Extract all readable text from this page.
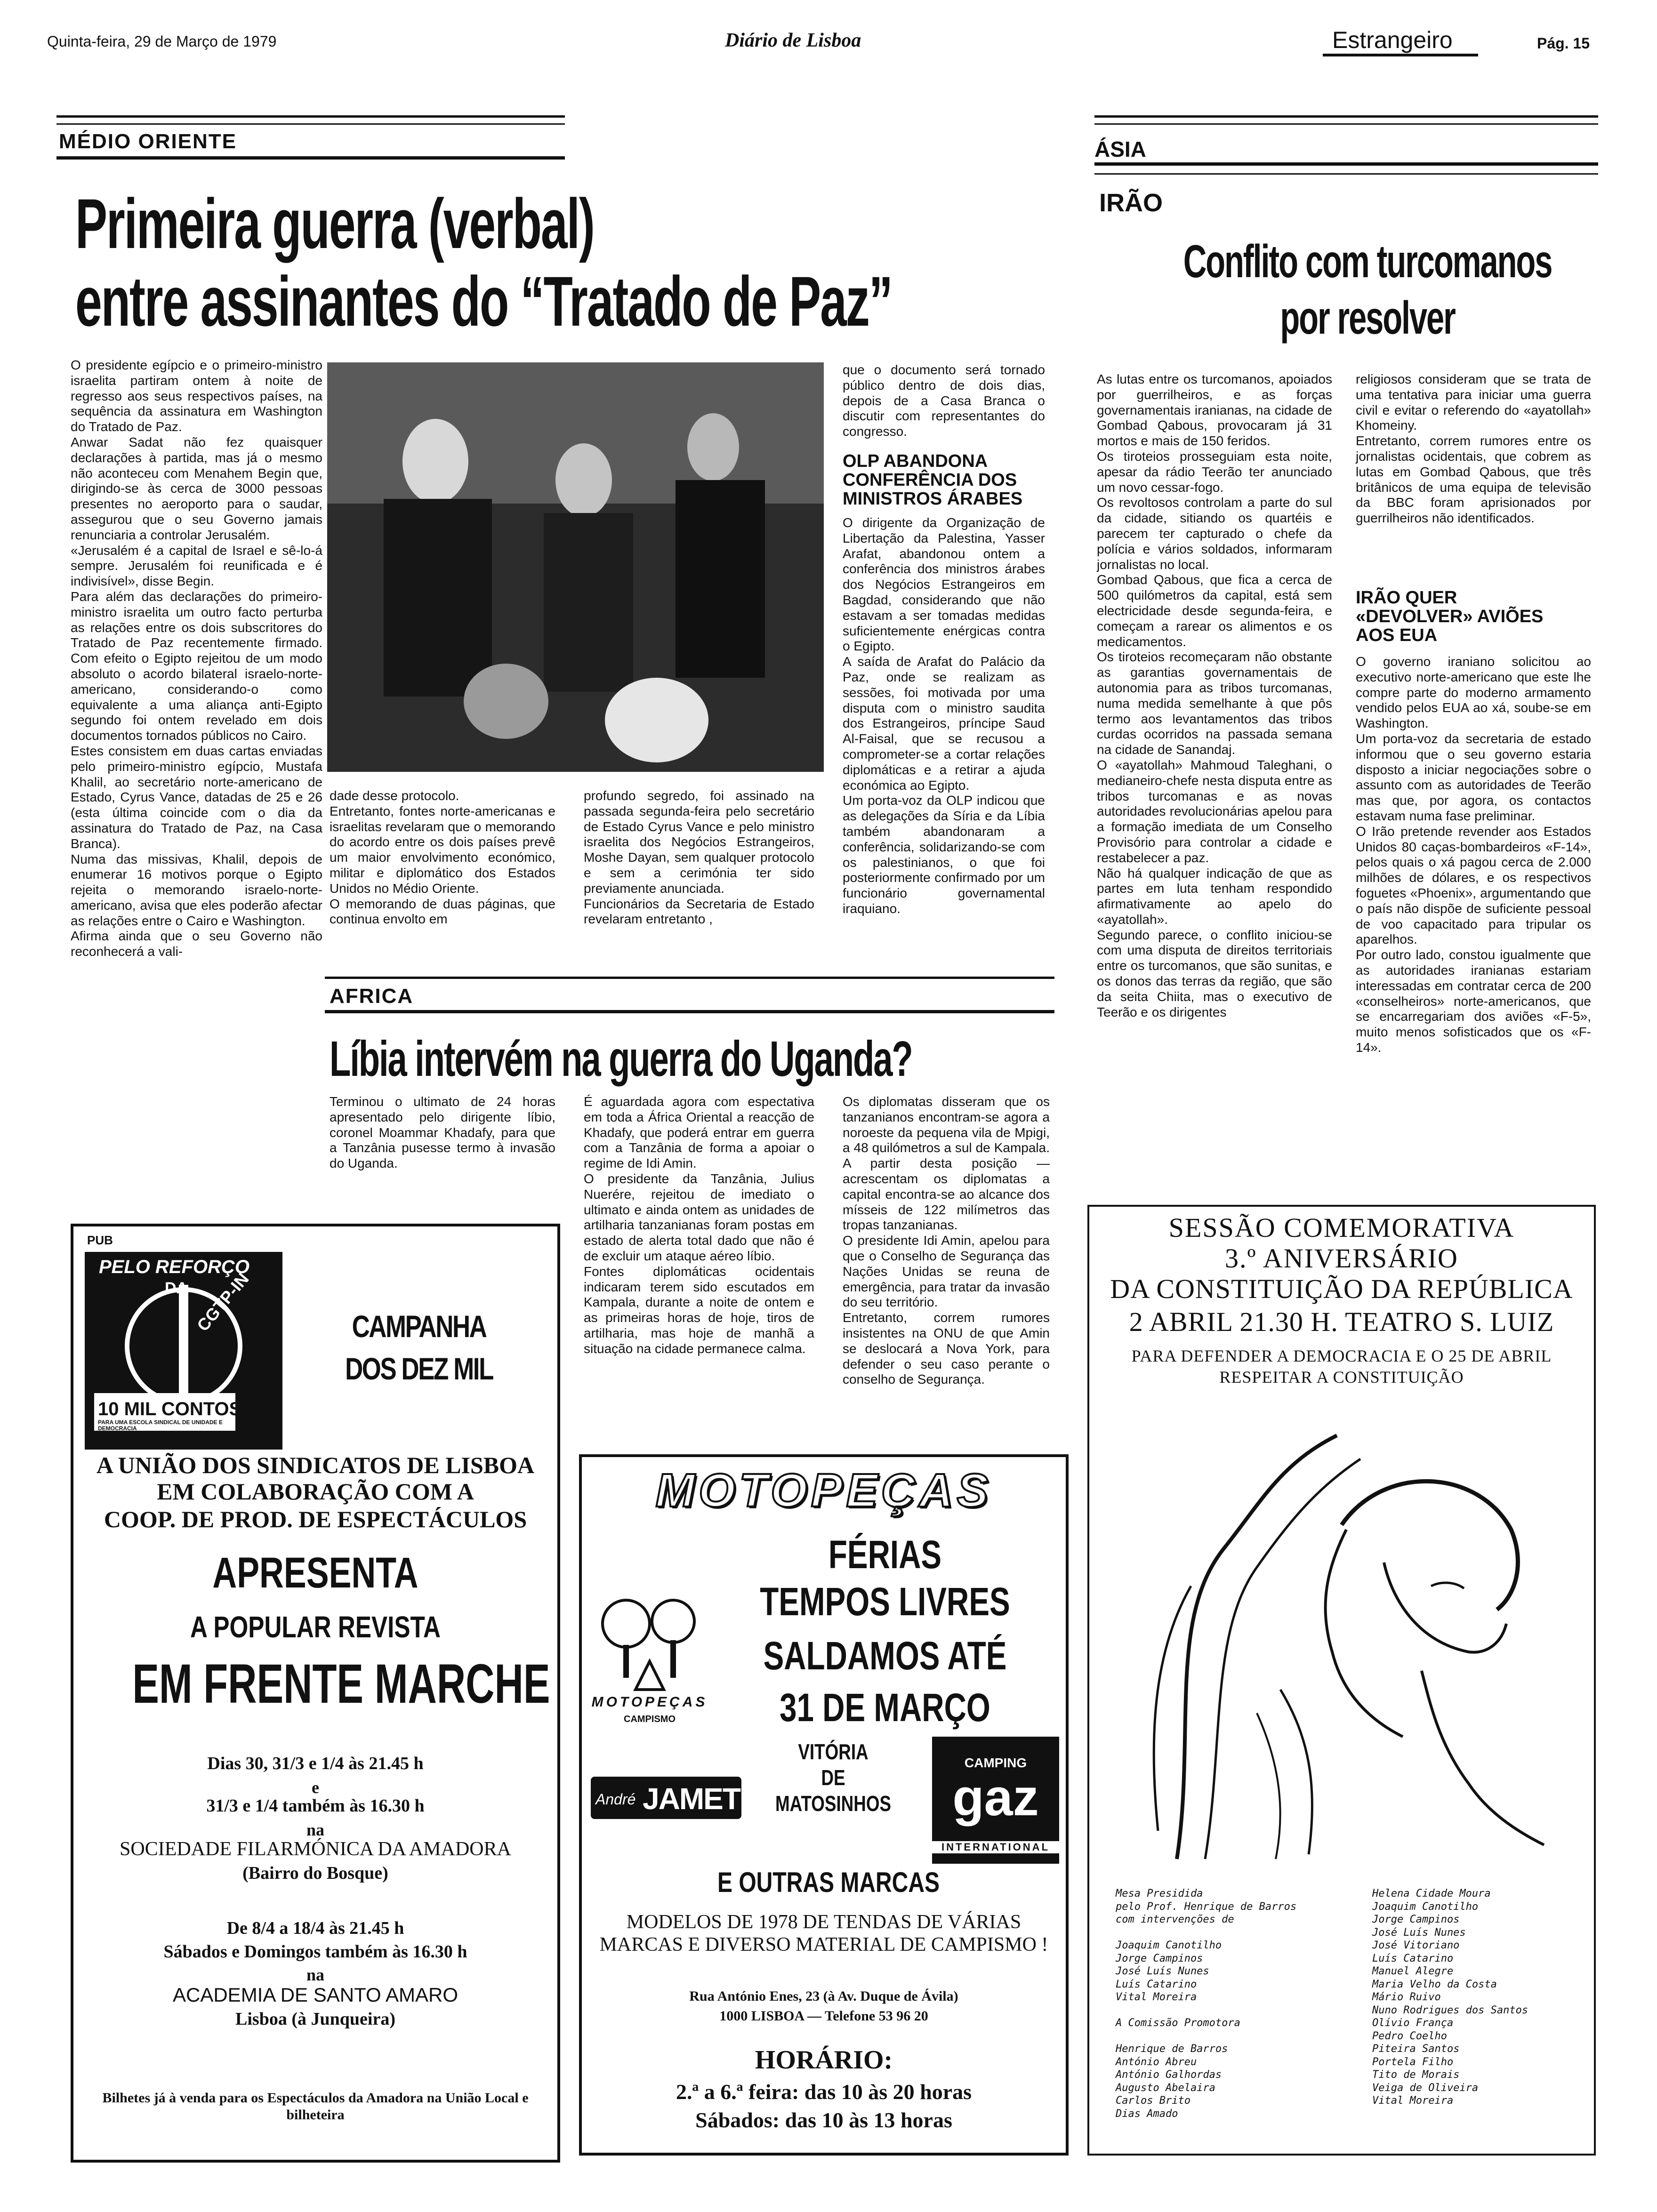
Quinta-feira, 29 de Março de 1979	Diário de Lisboa	Estrangeiro	Pág. 15
MÉDIO ORIENTE
Primeira guerra (verbal)
entre assinantes do “Tratado de Paz”
O presidente egípcio e o primeiro-ministro israelita partiram ontem à noite de regresso aos seus respectivos países, na sequência da assinatura em Washington do Tratado de Paz.
Anwar Sadat não fez quaisquer declarações à partida, mas já o mesmo não aconteceu com Menahem Begin que, dirigindo-se às cerca de 3000 pessoas presentes no aeroporto para o saudar, assegurou que o seu Governo jamais renunciaria a controlar Jerusalém.
«Jerusalém é a capital de Israel e sê-lo-á sempre. Jerusalém foi reunificada e é indivisível», disse Begin.
Para além das declarações do primeiro-ministro israelita um outro facto perturba as relações entre os dois subscritores do Tratado de Paz recentemente firmado. Com efeito o Egipto rejeitou de um modo absoluto o acordo bilateral israelo-norte-americano, considerando-o como equivalente a uma aliança anti-Egipto segundo foi ontem revelado em dois documentos tornados públicos no Cairo.
Estes consistem em duas cartas enviadas pelo primeiro-ministro egípcio, Mustafa Khalil, ao secretário norte-americano de Estado, Cyrus Vance, datadas de 25 e 26 (esta última coincide com o dia da assinatura do Tratado de Paz, na Casa Branca).
Numa das missivas, Khalil, depois de enumerar 16 motivos porque o Egipto rejeita o memorando israelo-norte-americano, avisa que eles poderão afectar as relações entre o Cairo e Washington.
Afirma ainda que o seu Governo não reconhecerá a vali-
dade desse protocolo.
Entretanto, fontes norte-americanas e israelitas revelaram que o memorando do acordo entre os dois países prevê um maior envolvimento económico, militar e diplomático dos Estados Unidos no Médio Oriente.
O memorando de duas páginas, que continua envolto em
profundo segredo, foi assinado na passada segunda-feira pelo secretário de Estado Cyrus Vance e pelo ministro israelita dos Negócios Estrangeiros, Moshe Dayan, sem qualquer protocolo e sem a cerimónia ter sido previamente anunciada.
Funcionários da Secretaria de Estado revelaram entretanto ,
que o documento será tornado público dentro de dois dias, depois de a Casa Branca o discutir com representantes do congresso.
OLP ABANDONA CONFERÊNCIA DOS MINISTROS ÁRABES
O dirigente da Organização de Libertação da Palestina, Yasser Arafat, abandonou ontem a conferência dos ministros árabes dos Negócios Estrangeiros em Bagdad, considerando que não estavam a ser tomadas medidas suficientemente enérgicas contra o Egipto.
A saída de Arafat do Palácio da Paz, onde se realizam as sessões, foi motivada por uma disputa com o ministro saudita dos Estrangeiros, príncipe Saud Al-Faisal, que se recusou a comprometer-se a cortar relações diplomáticas e a retirar a ajuda económica ao Egipto.
Um porta-voz da OLP indicou que as delegações da Síria e da Líbia também abandonaram a conferência, solidarizando-se com os palestinianos, o que foi posteriormente confirmado por um funcionário governamental iraquiano.
ÁSIA
IRÃO
Conflito com turcomanos
por resolver
As lutas entre os turcomanos, apoiados por guerrilheiros, e as forças governamentais iranianas, na cidade de Gombad Qabous, provocaram já 31 mortos e mais de 150 feridos.
Os tiroteios prosseguiam esta noite, apesar da rádio Teerão ter anunciado um novo cessar-fogo.
Os revoltosos controlam a parte do sul da cidade, sitiando os quartéis e parecem ter capturado o chefe da polícia e vários soldados, informaram jornalistas no local.
Gombad Qabous, que fica a cerca de 500 quilómetros da capital, está sem electricidade desde segunda-feira, e começam a rarear os alimentos e os medicamentos.
Os tiroteios recomeçaram não obstante as garantias governamentais de autonomia para as tribos turcomanas, numa medida semelhante à que pôs termo aos levantamentos das tribos curdas ocorridos na passada semana na cidade de Sanandaj.
O «ayatollah» Mahmoud Taleghani, o medianeiro-chefe nesta disputa entre as tribos turcomanas e as novas autoridades revolucionárias apelou para a formação imediata de um Conselho Provisório para controlar a cidade e restabelecer a paz.
Não há qualquer indicação de que as partes em luta tenham respondido afirmativamente ao apelo do «ayatollah».
Segundo parece, o conflito iniciou-se com uma disputa de direitos territoriais entre os turcomanos, que são sunitas, e os donos das terras da região, que são da seita Chiita, mas o executivo de Teerão e os dirigentes
religiosos consideram que se trata de uma tentativa para iniciar uma guerra civil e evitar o referendo do «ayatollah» Khomeiny.
Entretanto, correm rumores entre os jornalistas ocidentais, que cobrem as lutas em Gombad Qabous, que três britânicos de uma equipa de televisão da BBC foram aprisionados por guerrilheiros não identificados.
IRÃO QUER «DEVOLVER» AVIÕES AOS EUA
O governo iraniano solicitou ao executivo norte-americano que este lhe compre parte do moderno armamento vendido pelos EUA ao xá, soube-se em Washington.
Um porta-voz da secretaria de estado informou que o seu governo estaria disposto a iniciar negociações sobre o assunto com as autoridades de Teerão mas que, por agora, os contactos estavam numa fase preliminar.
O Irão pretende revender aos Estados Unidos 80 caças-bombardeiros «F-14», pelos quais o xá pagou cerca de 2.000 milhões de dólares, e os respectivos foguetes «Phoenix», argumentando que o país não dispõe de suficiente pessoal de voo capacitado para tripular os aparelhos.
Por outro lado, constou igualmente que as autoridades iranianas estariam interessadas em contratar cerca de 200 «conselheiros» norte-americanos, que se encarregariam dos aviões «F-5», muito menos sofisticados que os «F-14».
AFRICA
Líbia intervém na guerra do Uganda?
Terminou o ultimato de 24 horas apresentado pelo dirigente líbio, coronel Moammar Khadafy, para que a Tanzânia pusesse termo à invasão do Uganda.
É aguardada agora com espectativa em toda a África Oriental a reacção de Khadafy, que poderá entrar em guerra com a Tanzânia de forma a apoiar o regime de Idi Amin.
O presidente da Tanzânia, Julius Nuerére, rejeitou de imediato o ultimato e ainda ontem as unidades de artilharia tanzanianas foram postas em estado de alerta total dado que não é de excluir um ataque aéreo líbio.
Fontes diplomáticas ocidentais indicaram terem sido escutados em Kampala, durante a noite de ontem e as primeiras horas de hoje, tiros de artilharia, mas hoje de manhã a situação na cidade permanece calma.
Os diplomatas disseram que os tanzanianos encontram-se agora a noroeste da pequena vila de Mpigi, a 48 quilómetros a sul de Kampala. A partir desta posição — acrescentam os diplomatas a capital encontra-se ao alcance dos mísseis de 122 milímetros das tropas tanzanianas.
O presidente Idi Amin, apelou para que o Conselho de Segurança das Nações Unidas se reuna de emergência, para tratar da invasão do seu território.
Entretanto, correm rumores insistentes na ONU de que Amin se deslocará a Nova York, para defender o seu caso perante o conselho de Segurança.
PUB
PELO REFORÇO
DA CGTP-IN
10 MIL CONTOS
PARA UMA ESCOLA SINDICAL DE UNIDADE E DEMOCRACIA
CAMPANHA
DOS DEZ MIL
A UNIÃO DOS SINDICATOS DE LISBOA EM COLABORAÇÃO COM A
COOP. DE PROD. DE ESPECTÁCULOS
APRESENTA
A POPULAR REVISTA
EM FRENTE MARCHE
Dias 30, 31/3 e 1/4 às 21.45 h
e
31/3 e 1/4 também às 16.30 h
na
SOCIEDADE FILARMÓNICA DA AMADORA
(Bairro do Bosque)
De 8/4 a 18/4 às 21.45 h
Sábados e Domingos também às 16.30 h
na
ACADEMIA DE SANTO AMARO
Lisboa (à Junqueira)
Bilhetes já à venda para os Espectáculos da Amadora na União Local e bilheteira
MOTOPEÇAS
FÉRIAS
TEMPOS LIVRES
SALDAMOS ATÉ
31 DE MARÇO
MOTOPEÇAS
CAMPISMO
VITÓRIA
DE
MATOSINHOS
André JAMET
CAMPING
gaz
INTERNATIONAL
E OUTRAS MARCAS
MODELOS DE 1978 DE TENDAS DE VÁRIAS MARCAS E DIVERSO MATERIAL DE CAMPISMO !
Rua António Enes, 23 (à Av. Duque de Ávila)
1000 LISBOA — Telefone 53 96 20
HORÁRIO:
2.ª a 6.ª feira: das 10 às 20 horas
Sábados: das 10 às 13 horas
SESSÃO COMEMORATIVA
3.º ANIVERSÁRIO
DA CONSTITUIÇÃO DA REPÚBLICA
2 ABRIL 21.30 H. TEATRO S. LUIZ
PARA DEFENDER A DEMOCRACIA E O 25 DE ABRIL
RESPEITAR A CONSTITUIÇÃO
Mesa Presidida
pelo Prof. Henrique de Barros
com intervenções de
Joaquim Canotilho
Jorge Campinos
José Luís Nunes
Luís Catarino
Vital Moreira
A Comissão Promotora
Henrique de Barros
António Abreu
António Galhordas
Augusto Abelaira
Carlos Brito
Dias Amado
Helena Cidade Moura
Joaquim Canotilho
Jorge Campinos
José Luís Nunes
José Vitoriano
Luís Catarino
Manuel Alegre
Maria Velho da Costa
Mário Ruivo
Nuno Rodrigues dos Santos
Olívio França
Pedro Coelho
Piteira Santos
Portela Filho
Tito de Morais
Veiga de Oliveira
Vital Moreira
